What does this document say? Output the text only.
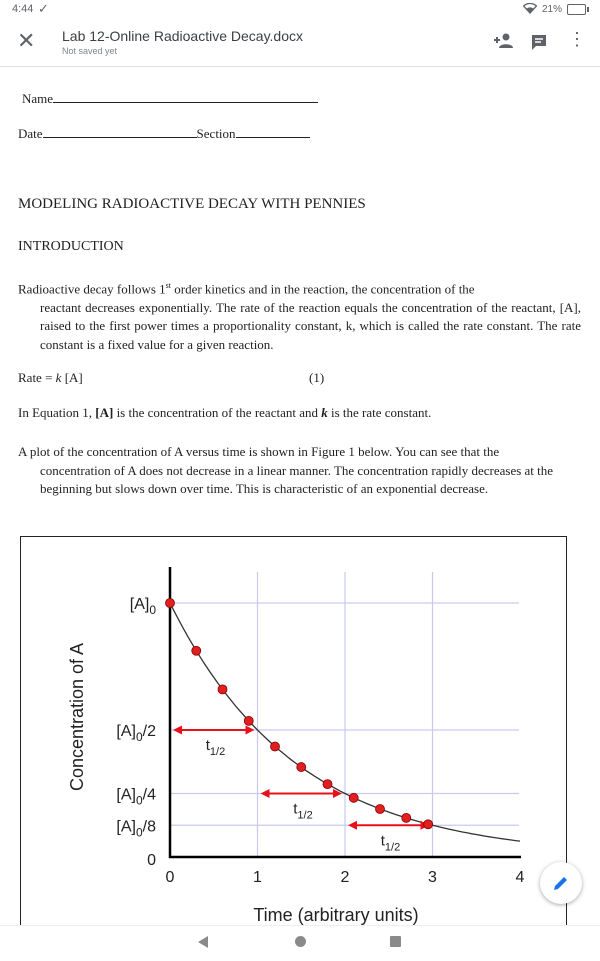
4:44 ✓	21%
✕ Lab 12-Online Radioactive Decay.docx
Not saved yet
⋮
Name
Date	Section
MODELING RADIOACTIVE DECAY WITH PENNIES
INTRODUCTION
Radioactive decay follows 1st order kinetics and in the reaction, the concentration of the
reactant decreases exponentially. The rate of the reaction equals the concentration of the reactant, [A], raised to the first power times a proportionality constant, k, which is called the rate constant. The rate constant is a fixed value for a given reaction.
Rate = k [A]	(1)
In Equation 1, [A] is the concentration of the reactant and k is the rate constant.
A plot of the concentration of A versus time is shown in Figure 1 below. You can see that the
concentration of A does not decrease in a linear manner. The concentration rapidly decreases at the beginning but slows down over time. This is characteristic of an exponential decrease.
$t_{1/2}$
$t_{1/2}$
$t_{1/2}$
$[A]_0$
$[A]_0/2$
$[A]_0/4$
$[A]_0/8$
0
0	1	2	3	4
Time (arbitrary units)
Concentration of A
